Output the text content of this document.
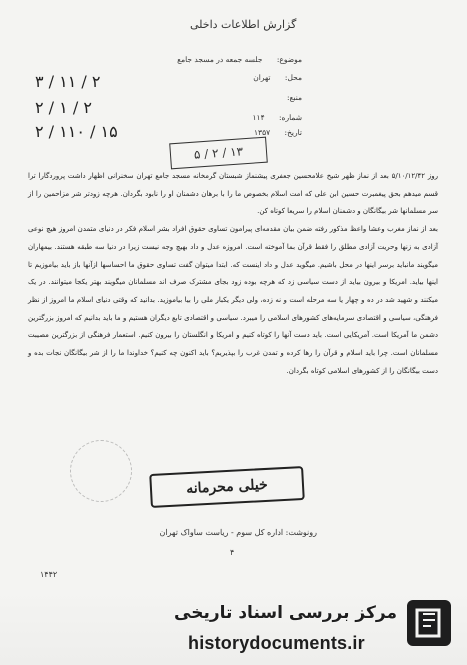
گزارش اطلاعات داخلی
موضوع: جلسه جمعه در مسجد جامع
محل: تهران
منبع:
شماره: ۱۱۴
تاریخ: ۱۳۵۷
۳ / ۱۱ / ۲
۲ / ۱ / ۲
۲ / ۱۱۰ / ۱۵
۵ / ۲ / ۱۳

روز ۵/۱۰/۱۲/۴۲ بعد از نماز ظهر شیخ علامحسین جعفری پیشنماز شبستان گرمخانه مسجد جامع تهران سخنرانی اظهار داشت پروردگارا ترا قسم میدهم بحق پیغمبرت حسین ابن علی که امت اسلام بخصوص ما را با برهان دشمنان او را نابود بگردان. هرچه زودتر شر مزاحمین را از سر مسلمانها شر بیگانگان و دشمنان اسلام را سریعا کوتاه کن.

بعد از نماز مغرب وعشا واعظ مذکور رفته ضمن بیان مقدمه‌ای پیرامون تساوی حقوق افراد بشر اسلام فکر در دنیای متمدن امروز هیچ نوعی آزادی به زنها وحریت آزادی مطلق را فقط قرآن بما آموخته است. امروزه عدل و داد بهیچ وجه نیست زیرا در دنیا سه طبقه هستند. بیمهاران میگویند مانباید برسر اینها در محل باشیم. میگوید عدل و داد اینست که. ابتدا میتوان گفت تساوی حقوق ما احساسها ازآنها باز باید بیاموزیم تا اینها بیاید. امریکا و بیرون بیاید از دست سیاسی زد که هرچه بوده زود بجای مشترک صرف اند مسلمانان میگویند بهتر یکجا میتوانند. در یک میکنند و شهید شد در ده و چهار یا سه مرحله است و نه زده، ولی دیگر یکبار ملی را بیا بیاموزید. بدانید که وقتی دنیای اسلام ما امروز از نظر فرهنگی، سیاسی و اقتصادی سرمایه‌های کشورهای اسلامی را میبرد. سیاسی و اقتصادی تابع دیگران هستیم و ما باید بدانیم که امروز بزرگترین دشمن ما آمریکا است. آمریکایی است. باید دست آنها را کوتاه کنیم و امریکا و انگلستان را بیرون کنیم. استعمار فرهنگی از بزرگترین مصیبت مسلمانان است. چرا باید اسلام و قرآن را رها کرده و تمدن غرب را بپذیریم؟ باید اکنون چه کنیم؟ خداوندا ما را از شر بیگانگان نجات بده و دست بیگانگان را از کشورهای اسلامی کوتاه بگردان.

خیلی محرمانه
رونوشت: اداره کل سوم - ریاست ساواک تهران
۴
۱۴۴۲
مرکز بررسی اسناد تاریخی
historydocuments.ir
